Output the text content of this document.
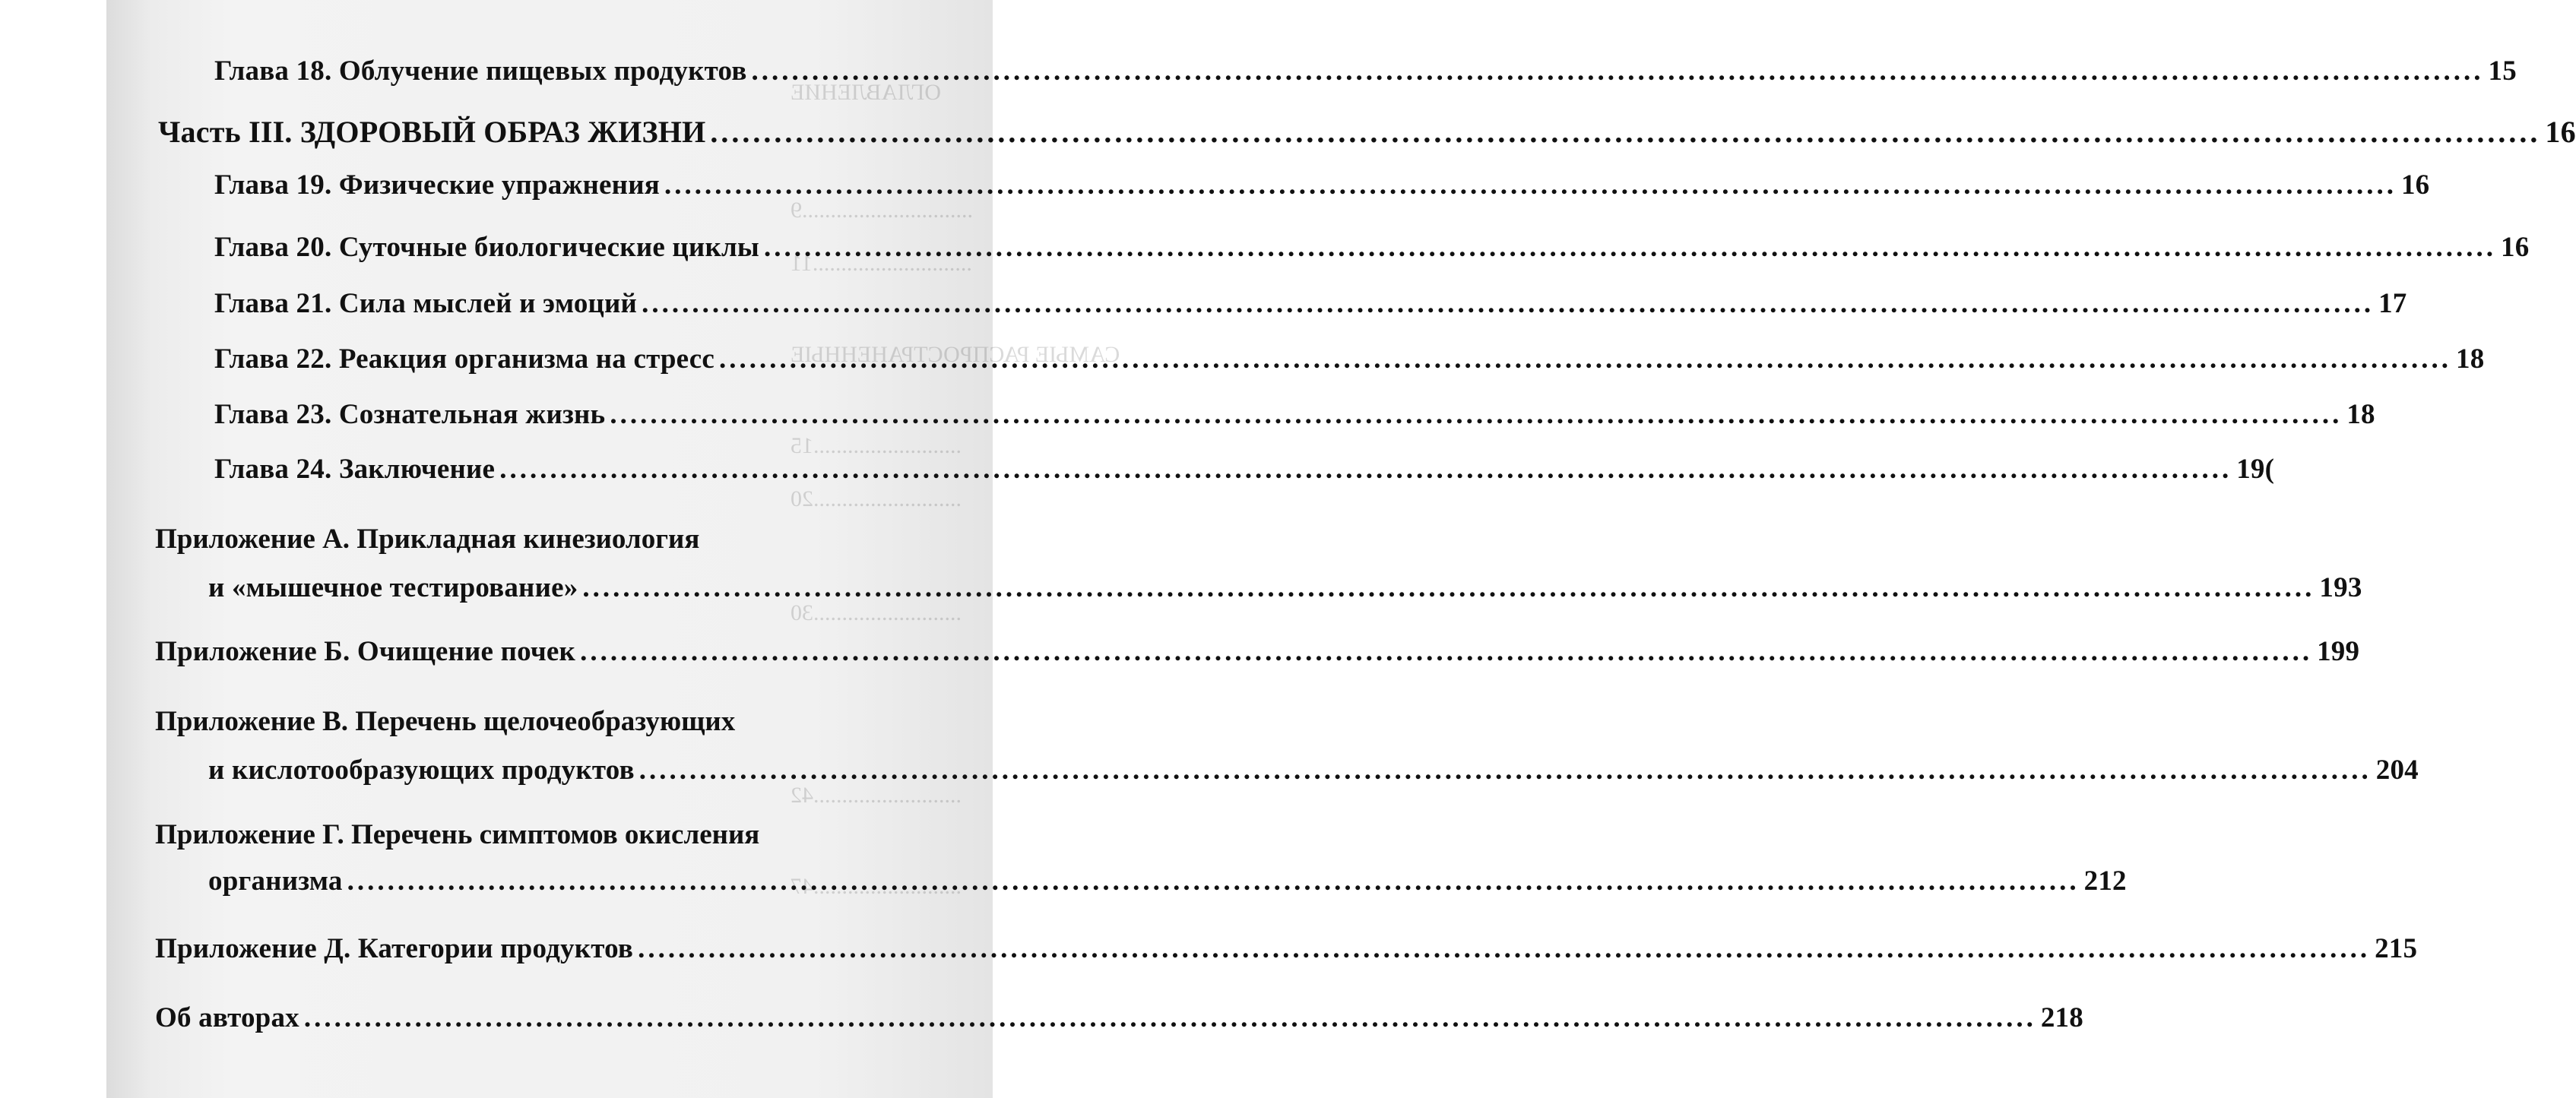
ОГЛАВЛЕНИЕ
..............................9
............................11
САМЫЕ РАСПРОСТРАНЕННЫЕ
..........................15
..........................20
..........................30
..........................42
..........................47
Глава 18. Облучение пищевых продуктов .....	15
Часть III. ЗДОРОВЫЙ ОБРАЗ ЖИЗНИ .....	16
Глава 19. Физические упражнения .....	16
Глава 20. Суточные биологические циклы .....	16
Глава 21. Сила мыслей и эмоций .....	17
Глава 22. Реакция организма на стресс .....	18
Глава 23. Сознательная жизнь .....	18
Глава 24. Заключение .....	19(
Приложение А. Прикладная кинезиология
и «мышечное тестирование» .....	193
Приложение Б. Очищение почек .....	199
Приложение В. Перечень щелочеобразующих
и кислотообразующих продуктов .....	204
Приложение Г. Перечень симптомов окисления
организма .....	212
Приложение Д. Категории продуктов .....	215
Об авторах .....	218
